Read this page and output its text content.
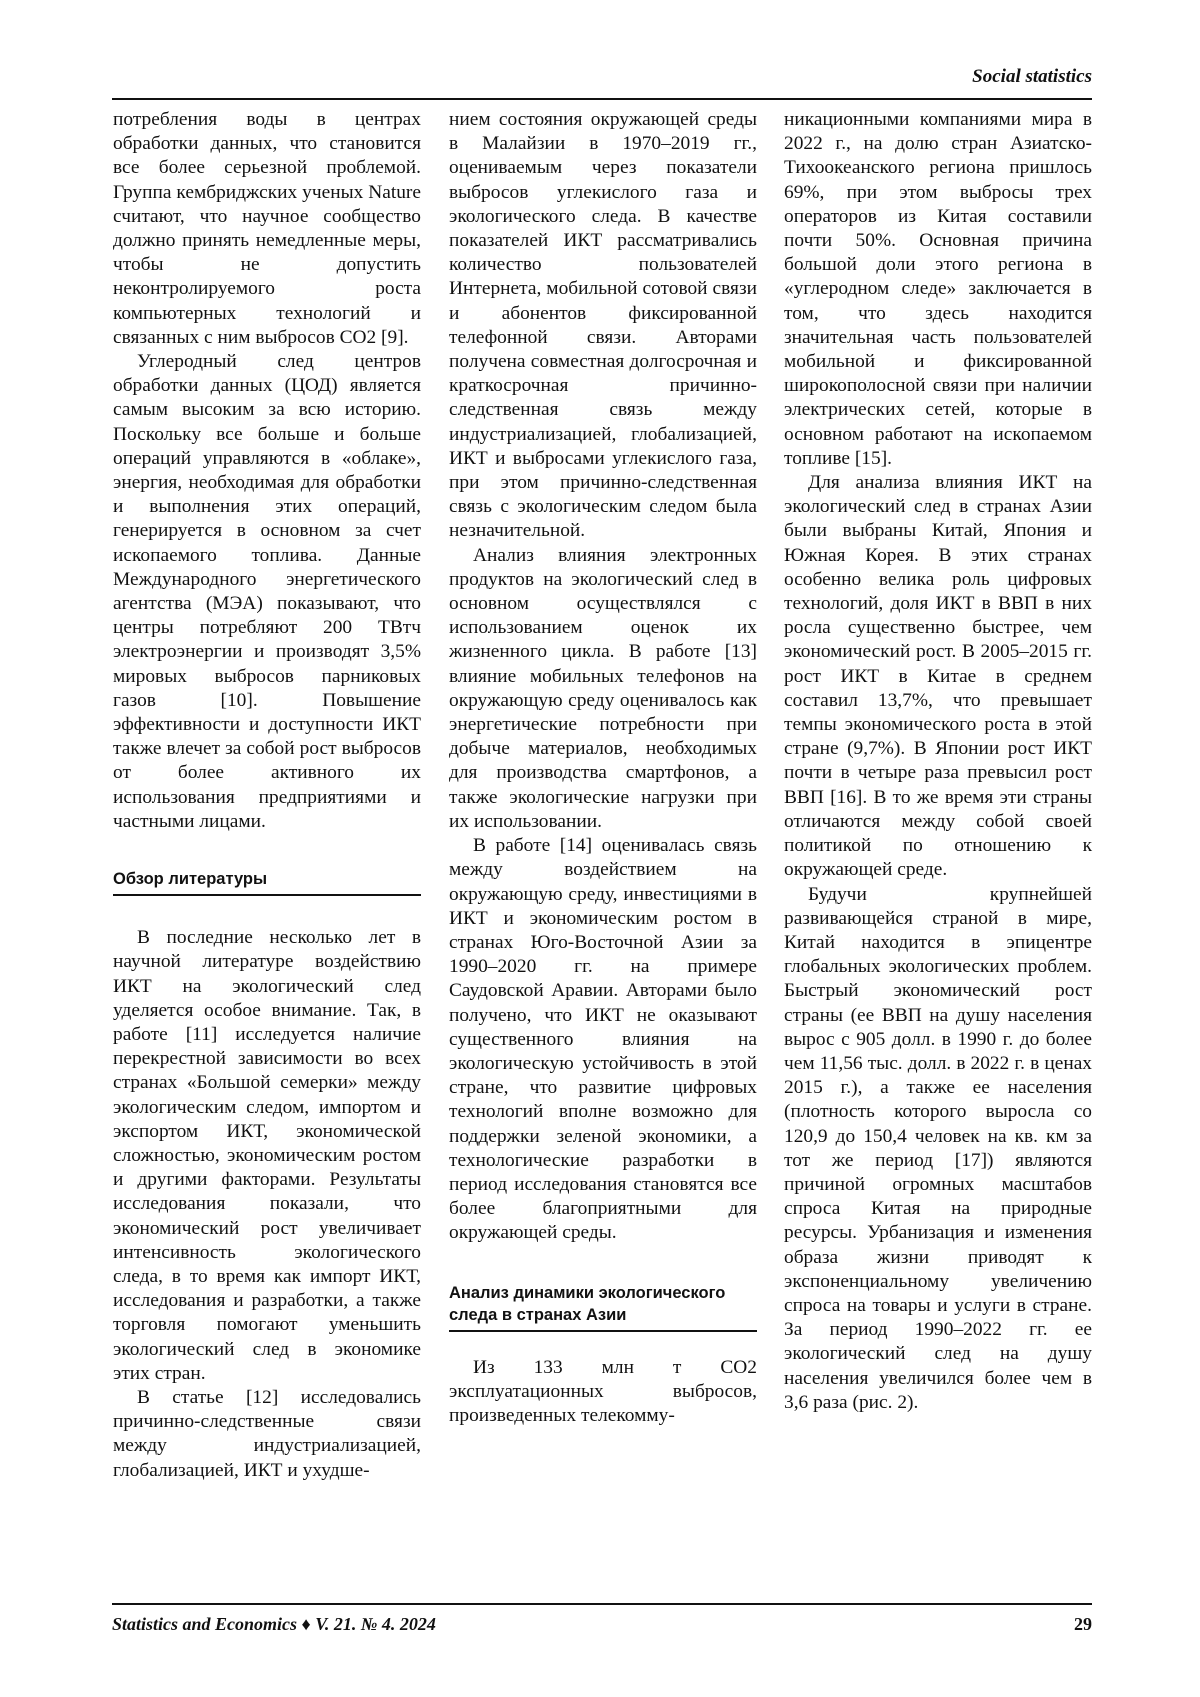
Social statistics

потребления воды в центрах обработки данных, что становится все более серьезной проблемой. Группа кембриджских ученых Nature считают, что научное сообщество должно принять немедленные меры, чтобы не допустить неконтролируемого роста компьютерных технологий и связанных с ним выбросов СО2 [9].

Углеродный след центров обработки данных (ЦОД) является самым высоким за всю историю. Поскольку все больше и больше операций управляются в «облаке», энергия, необходимая для обработки и выполнения этих операций, генерируется в основном за счет ископаемого топлива. Данные Международного энергетического агентства (МЭА) показывают, что центры потребляют 200 ТВтч электроэнергии и производят 3,5% мировых выбросов парниковых газов [10]. Повышение эффективности и доступности ИКТ также влечет за собой рост выбросов от более активного их использования предприятиями и частными лицами.

Обзор литературы

В последние несколько лет в научной литературе воздействию ИКТ на экологический след уделяется особое внимание. Так, в работе [11] исследуется наличие перекрестной зависимости во всех странах «Большой семерки» между экологическим следом, импортом и экспортом ИКТ, экономической сложностью, экономическим ростом и другими факторами. Результаты исследования показали, что экономический рост увеличивает интенсивность экологического следа, в то время как импорт ИКТ, исследования и разработки, а также торговля помогают уменьшить экологический след в экономике этих стран.

В статье [12] исследовались причинно-следственные связи между индустриализацией, глобализацией, ИКТ и ухудше-

нием состояния окружающей среды в Малайзии в 1970–2019 гг., оцениваемым через показатели выбросов углекислого газа и экологического следа. В качестве показателей ИКТ рассматривались количество пользователей Интернета, мобильной сотовой связи и абонентов фиксированной телефонной связи. Авторами получена совместная долгосрочная и краткосрочная причинно-следственная связь между индустриализацией, глобализацией, ИКТ и выбросами углекислого газа, при этом причинно-следственная связь с экологическим следом была незначительной.

Анализ влияния электронных продуктов на экологический след в основном осуществлялся с использованием оценок их жизненного цикла. В работе [13] влияние мобильных телефонов на окружающую среду оценивалось как энергетические потребности при добыче материалов, необходимых для производства смартфонов, а также экологические нагрузки при их использовании.

В работе [14] оценивалась связь между воздействием на окружающую среду, инвестициями в ИКТ и экономическим ростом в странах Юго-Восточной Азии за 1990–2020 гг. на примере Саудовской Аравии. Авторами было получено, что ИКТ не оказывают существенного влияния на экологическую устойчивость в этой стране, что развитие цифровых технологий вполне возможно для поддержки зеленой экономики, а технологические разработки в период исследования становятся все более благоприятными для окружающей среды.

Анализ динамики экологического следа в странах Азии

Из 133 млн т СО2 эксплуатационных выбросов, произведенных телекомму-

никационными компаниями мира в 2022 г., на долю стран Азиатско-Тихоокеанского региона пришлось 69%, при этом выбросы трех операторов из Китая составили почти 50%. Основная причина большой доли этого региона в «углеродном следе» заключается в том, что здесь находится значительная часть пользователей мобильной и фиксированной широкополосной связи при наличии электрических сетей, которые в основном работают на ископаемом топливе [15].

Для анализа влияния ИКТ на экологический след в странах Азии были выбраны Китай, Япония и Южная Корея. В этих странах особенно велика роль цифровых технологий, доля ИКТ в ВВП в них росла существенно быстрее, чем экономический рост. В 2005–2015 гг. рост ИКТ в Китае в среднем составил 13,7%, что превышает темпы экономического роста в этой стране (9,7%). В Японии рост ИКТ почти в четыре раза превысил рост ВВП [16]. В то же время эти страны отличаются между собой своей политикой по отношению к окружающей среде.

Будучи крупнейшей развивающейся страной в мире, Китай находится в эпицентре глобальных экологических проблем. Быстрый экономический рост страны (ее ВВП на душу населения вырос с 905 долл. в 1990 г. до более чем 11,56 тыс. долл. в 2022 г. в ценах 2015 г.), а также ее населения (плотность которого выросла со 120,9 до 150,4 человек на кв. км за тот же период [17]) являются причиной огромных масштабов спроса Китая на природные ресурсы. Урбанизация и изменения образа жизни приводят к экспоненциальному увеличению спроса на товары и услуги в стране. За период 1990–2022 гг. ее экологический след на душу населения увеличился более чем в 3,6 раза (рис. 2).

Statistics and Economics ♦ V. 21. № 4. 2024	29
